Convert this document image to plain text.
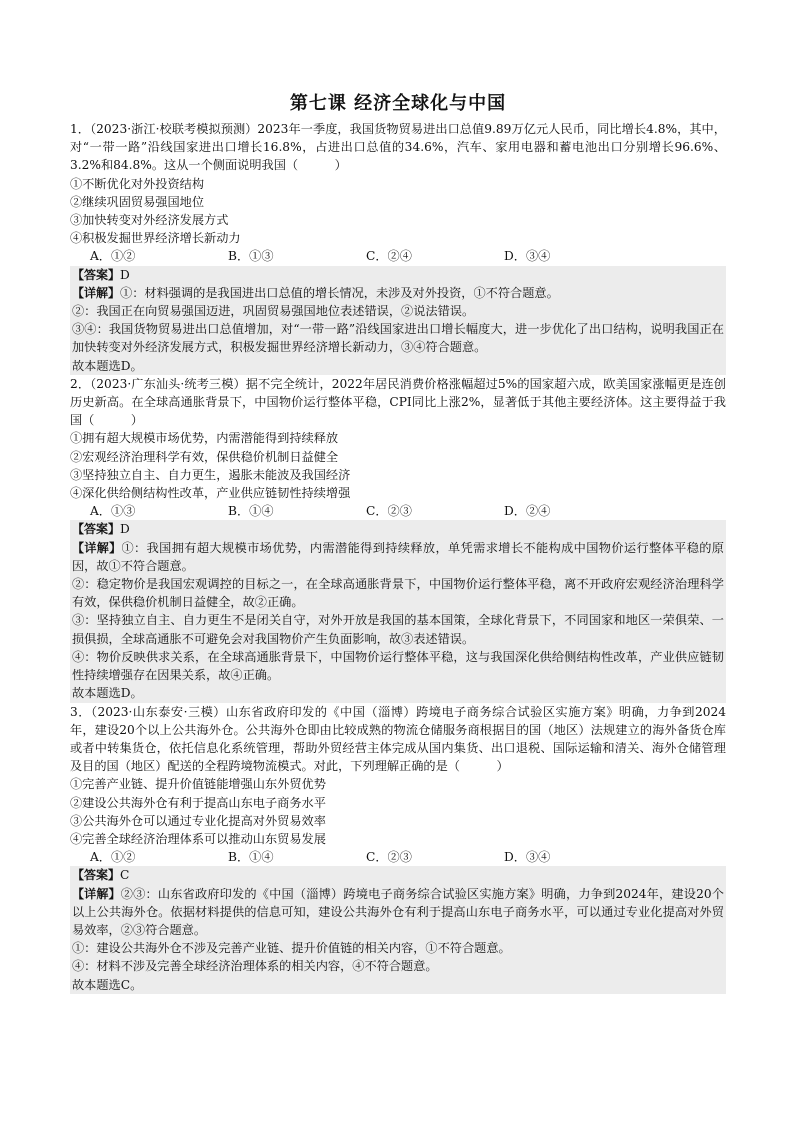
第七课 经济全球化与中国

1．（2023·浙江·校联考模拟预测）2023年一季度，我国货物贸易进出口总值9.89万亿元人民币，同比增长4.8%，其中，对“一带一路”沿线国家进出口增长16.8%，占进出口总值的34.6%，汽车、家用电器和蓄电池出口分别增长96.6%、3.2%和84.8%。这从一个侧面说明我国（　　　）

①不断优化对外投资结构

②继续巩固贸易强国地位

③加快转变对外经济发展方式

④积极发掘世界经济增长新动力

A．①②	B．①③	C．②④	D．③④

【答案】D

【详解】①：材料强调的是我国进出口总值的增长情况，未涉及对外投资，①不符合题意。

②：我国正在向贸易强国迈进，巩固贸易强国地位表述错误，②说法错误。

③④：我国货物贸易进出口总值增加，对“一带一路”沿线国家进出口增长幅度大，进一步优化了出口结构，说明我国正在加快转变对外经济发展方式，积极发掘世界经济增长新动力，③④符合题意。

故本题选D。

2．（2023·广东汕头·统考三模）据不完全统计，2022年居民消费价格涨幅超过5%的国家超六成，欧美国家涨幅更是连创历史新高。在全球高通胀背景下，中国物价运行整体平稳，CPI同比上涨2%，显著低于其他主要经济体。这主要得益于我国（　　　）

①拥有超大规模市场优势，内需潜能得到持续释放

②宏观经济治理科学有效，保供稳价机制日益健全

③坚持独立自主、自力更生，遏胀未能波及我国经济

④深化供给侧结构性改革，产业供应链韧性持续增强

A．①③	B．①④	C．②③	D．②④

【答案】D

【详解】①：我国拥有超大规模市场优势，内需潜能得到持续释放，单凭需求增长不能构成中国物价运行整体平稳的原因，故①不符合题意。

②：稳定物价是我国宏观调控的目标之一，在全球高通胀背景下，中国物价运行整体平稳，离不开政府宏观经济治理科学有效，保供稳价机制日益健全，故②正确。

③：坚持独立自主、自力更生不是闭关自守，对外开放是我国的基本国策，全球化背景下，不同国家和地区一荣俱荣、一损俱损，全球高通胀不可避免会对我国物价产生负面影响，故③表述错误。

④：物价反映供求关系，在全球高通胀背景下，中国物价运行整体平稳，这与我国深化供给侧结构性改革，产业供应链韧性持续增强存在因果关系，故④正确。

故本题选D。

3．（2023·山东泰安·三模）山东省政府印发的《中国（淄博）跨境电子商务综合试验区实施方案》明确，力争到2024年，建设20个以上公共海外仓。公共海外仓即由比较成熟的物流仓储服务商根据目的国（地区）法规建立的海外备货仓库或者中转集货仓，依托信息化系统管理，帮助外贸经营主体完成从国内集货、出口退税、国际运输和清关、海外仓储管理及目的国（地区）配送的全程跨境物流模式。对此，下列理解正确的是（　　　）

①完善产业链、提升价值链能增强山东外贸优势

②建设公共海外仓有利于提高山东电子商务水平

③公共海外仓可以通过专业化提高对外贸易效率

④完善全球经济治理体系可以推动山东贸易发展

A．①②	B．①④	C．②③	D．③④

【答案】C

【详解】②③：山东省政府印发的《中国（淄博）跨境电子商务综合试验区实施方案》明确，力争到2024年，建设20个以上公共海外仓。依据材料提供的信息可知，建设公共海外仓有利于提高山东电子商务水平，可以通过专业化提高对外贸易效率，②③符合题意。

①：建设公共海外仓不涉及完善产业链、提升价值链的相关内容，①不符合题意。

④：材料不涉及完善全球经济治理体系的相关内容，④不符合题意。

故本题选C。
